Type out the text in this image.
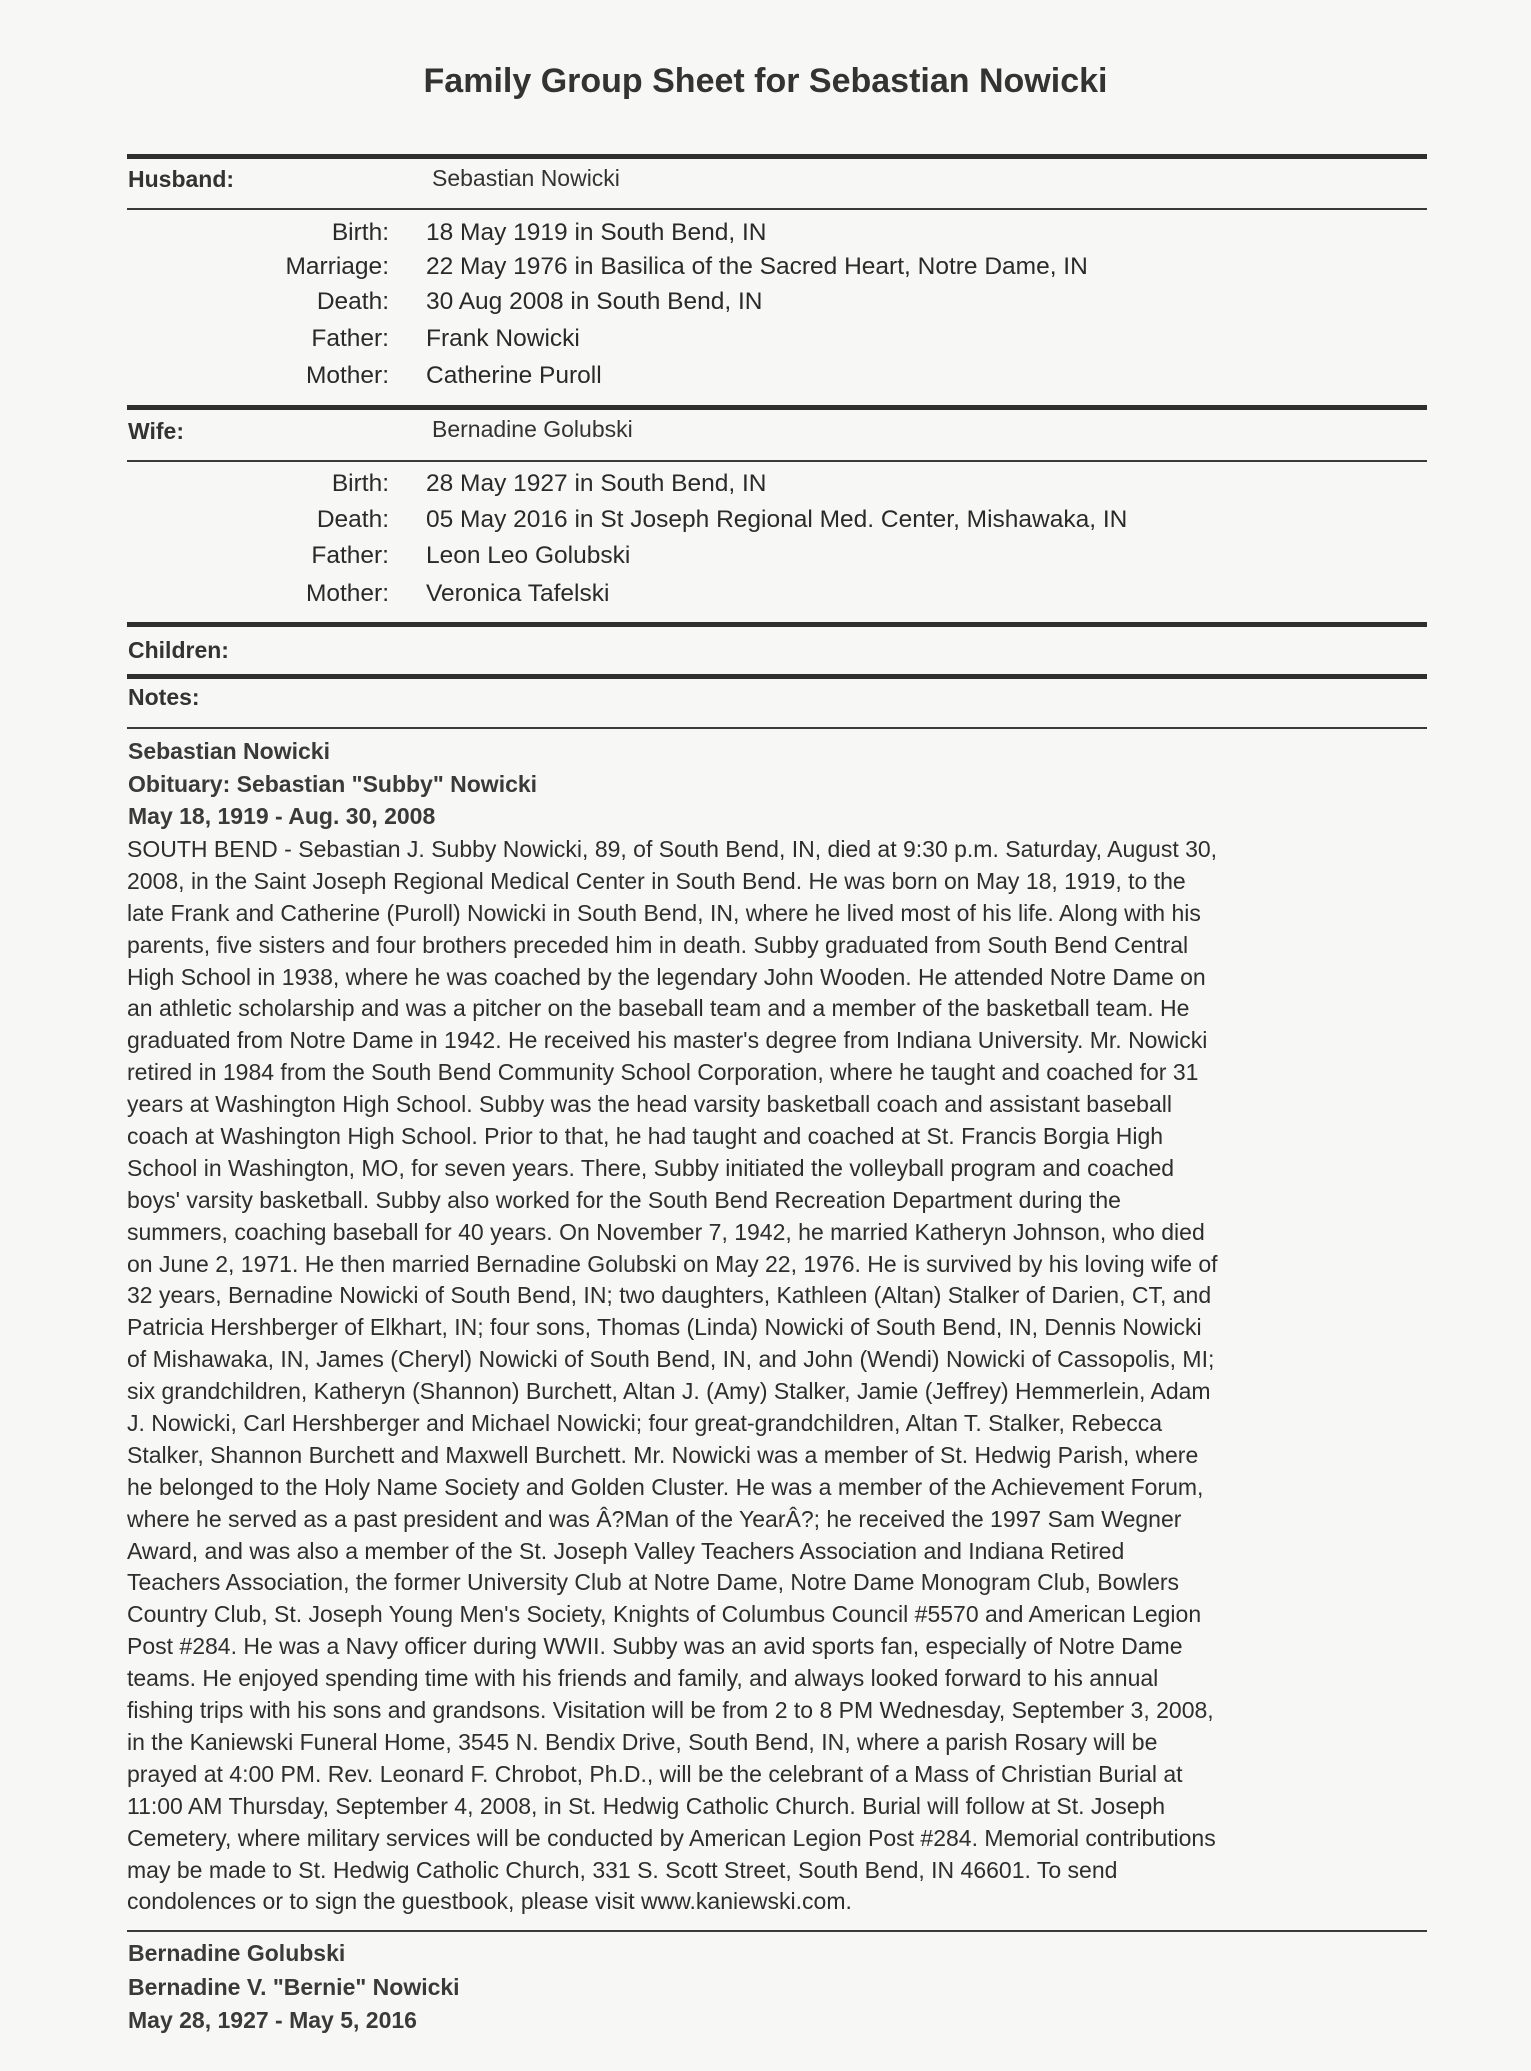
Family Group Sheet for Sebastian Nowicki
Husband:	Sebastian Nowicki
Birth: 18 May 1919 in South Bend, IN
Marriage: 22 May 1976 in Basilica of the Sacred Heart, Notre Dame, IN
Death: 30 Aug 2008 in South Bend, IN
Father: Frank Nowicki
Mother: Catherine Puroll
Wife:	Bernadine Golubski
Birth: 28 May 1927 in South Bend, IN
Death: 05 May 2016 in St Joseph Regional Med. Center, Mishawaka, IN
Father: Leon Leo Golubski
Mother: Veronica Tafelski
Children:
Notes:
Sebastian Nowicki
Obituary: Sebastian "Subby" Nowicki
May 18, 1919 - Aug. 30, 2008
SOUTH BEND - Sebastian J. Subby Nowicki, 89, of South Bend, IN, died at 9:30 p.m. Saturday, August 30,
2008, in the Saint Joseph Regional Medical Center in South Bend. He was born on May 18, 1919, to the
late Frank and Catherine (Puroll) Nowicki in South Bend, IN, where he lived most of his life. Along with his
parents, five sisters and four brothers preceded him in death. Subby graduated from South Bend Central
High School in 1938, where he was coached by the legendary John Wooden. He attended Notre Dame on
an athletic scholarship and was a pitcher on the baseball team and a member of the basketball team. He
graduated from Notre Dame in 1942. He received his master's degree from Indiana University. Mr. Nowicki
retired in 1984 from the South Bend Community School Corporation, where he taught and coached for 31
years at Washington High School. Subby was the head varsity basketball coach and assistant baseball
coach at Washington High School. Prior to that, he had taught and coached at St. Francis Borgia High
School in Washington, MO, for seven years. There, Subby initiated the volleyball program and coached
boys' varsity basketball. Subby also worked for the South Bend Recreation Department during the
summers, coaching baseball for 40 years. On November 7, 1942, he married Katheryn Johnson, who died
on June 2, 1971. He then married Bernadine Golubski on May 22, 1976. He is survived by his loving wife of
32 years, Bernadine Nowicki of South Bend, IN; two daughters, Kathleen (Altan) Stalker of Darien, CT, and
Patricia Hershberger of Elkhart, IN; four sons, Thomas (Linda) Nowicki of South Bend, IN, Dennis Nowicki
of Mishawaka, IN, James (Cheryl) Nowicki of South Bend, IN, and John (Wendi) Nowicki of Cassopolis, MI;
six grandchildren, Katheryn (Shannon) Burchett, Altan J. (Amy) Stalker, Jamie (Jeffrey) Hemmerlein, Adam
J. Nowicki, Carl Hershberger and Michael Nowicki; four great-grandchildren, Altan T. Stalker, Rebecca
Stalker, Shannon Burchett and Maxwell Burchett. Mr. Nowicki was a member of St. Hedwig Parish, where
he belonged to the Holy Name Society and Golden Cluster. He was a member of the Achievement Forum,
where he served as a past president and was Â?Man of the YearÂ?; he received the 1997 Sam Wegner
Award, and was also a member of the St. Joseph Valley Teachers Association and Indiana Retired
Teachers Association, the former University Club at Notre Dame, Notre Dame Monogram Club, Bowlers
Country Club, St. Joseph Young Men's Society, Knights of Columbus Council #5570 and American Legion
Post #284. He was a Navy officer during WWII. Subby was an avid sports fan, especially of Notre Dame
teams. He enjoyed spending time with his friends and family, and always looked forward to his annual
fishing trips with his sons and grandsons. Visitation will be from 2 to 8 PM Wednesday, September 3, 2008,
in the Kaniewski Funeral Home, 3545 N. Bendix Drive, South Bend, IN, where a parish Rosary will be
prayed at 4:00 PM. Rev. Leonard F. Chrobot, Ph.D., will be the celebrant of a Mass of Christian Burial at
11:00 AM Thursday, September 4, 2008, in St. Hedwig Catholic Church. Burial will follow at St. Joseph
Cemetery, where military services will be conducted by American Legion Post #284. Memorial contributions
may be made to St. Hedwig Catholic Church, 331 S. Scott Street, South Bend, IN 46601. To send
condolences or to sign the guestbook, please visit www.kaniewski.com.
Bernadine Golubski
Bernadine V. "Bernie" Nowicki
May 28, 1927 - May 5, 2016
